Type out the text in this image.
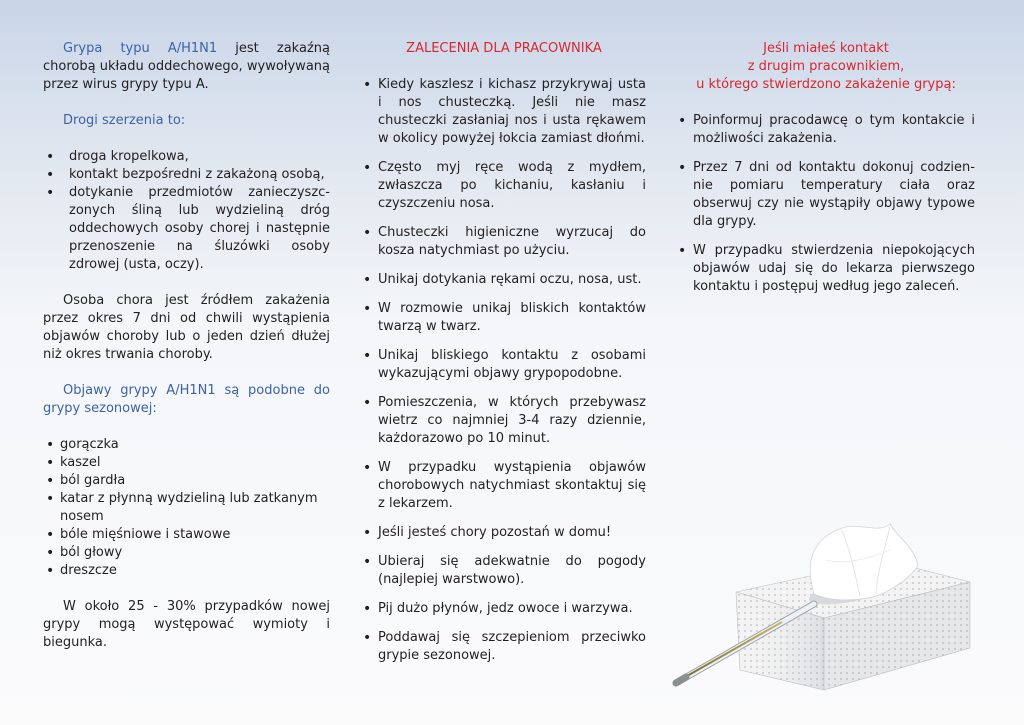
Grypa typu A/H1N1 jest zakaźną chorobą układu oddechowego, wywoływaną przez wirus grypy typu A.

Drogi szerzenia to:

• droga kropelkowa,
• kontakt bezpośredni z zakażoną osobą,
• dotykanie przedmiotów zanieczyszczonych śliną lub wydzieliną dróg oddechowych osoby chorej i następnie przenoszenie na śluzówki osoby zdrowej (usta, oczy).

Osoba chora jest źródłem zakażenia przez okres 7 dni od chwili wystąpienia objawów choroby lub o jeden dzień dłużej niż okres trwania choroby.

Objawy grypy A/H1N1 są podobne do grypy sezonowej:

• gorączka
• kaszel
• ból gardła
• katar z płynną wydzieliną lub zatkanym nosem
• bóle mięśniowe i stawowe
• ból głowy
• dreszcze

W około 25 - 30% przypadków nowej grypy mogą występować wymioty i biegunka.

ZALECENIA DLA PRACOWNIKA

• Kiedy kaszlesz i kichasz przykrywaj usta i nos chusteczką. Jeśli nie masz chusteczki zasłaniaj nos i usta rękawem w okolicy powyżej łokcia zamiast dłońmi.
• Często myj ręce wodą z mydłem, zwłaszcza po kichaniu, kasłaniu i czyszczeniu nosa.
• Chusteczki higieniczne wyrzucaj do kosza natychmiast po użyciu.
• Unikaj dotykania rękami oczu, nosa, ust.
• W rozmowie unikaj bliskich kontaktów twarzą w twarz.
• Unikaj bliskiego kontaktu z osobami wykazującymi objawy grypopodobne.
• Pomieszczenia, w których przebywasz wietrz co najmniej 3-4 razy dziennie, każdorazowo po 10 minut.
• W przypadku wystąpienia objawów chorobowych natychmiast skontaktuj się z lekarzem.
• Jeśli jesteś chory pozostań w domu!
• Ubieraj się adekwatnie do pogody (najlepiej warstwowo).
• Pij dużo płynów, jedz owoce i warzywa.
• Poddawaj się szczepieniom przeciwko grypie sezonowej.
Jeśli miałeś kontakt
z drugim pracownikiem,
u którego stwierdzono zakażenie grypą:
• Poinformuj pracodawcę o tym kontakcie i możliwości zakażenia.
• Przez 7 dni od kontaktu dokonuj codziennie pomiaru temperatury ciała oraz obserwuj czy nie wystąpiły objawy typowe dla grypy.
• W przypadku stwierdzenia niepokojących objawów udaj się do lekarza pierwszego kontaktu i postępuj według jego zaleceń.
